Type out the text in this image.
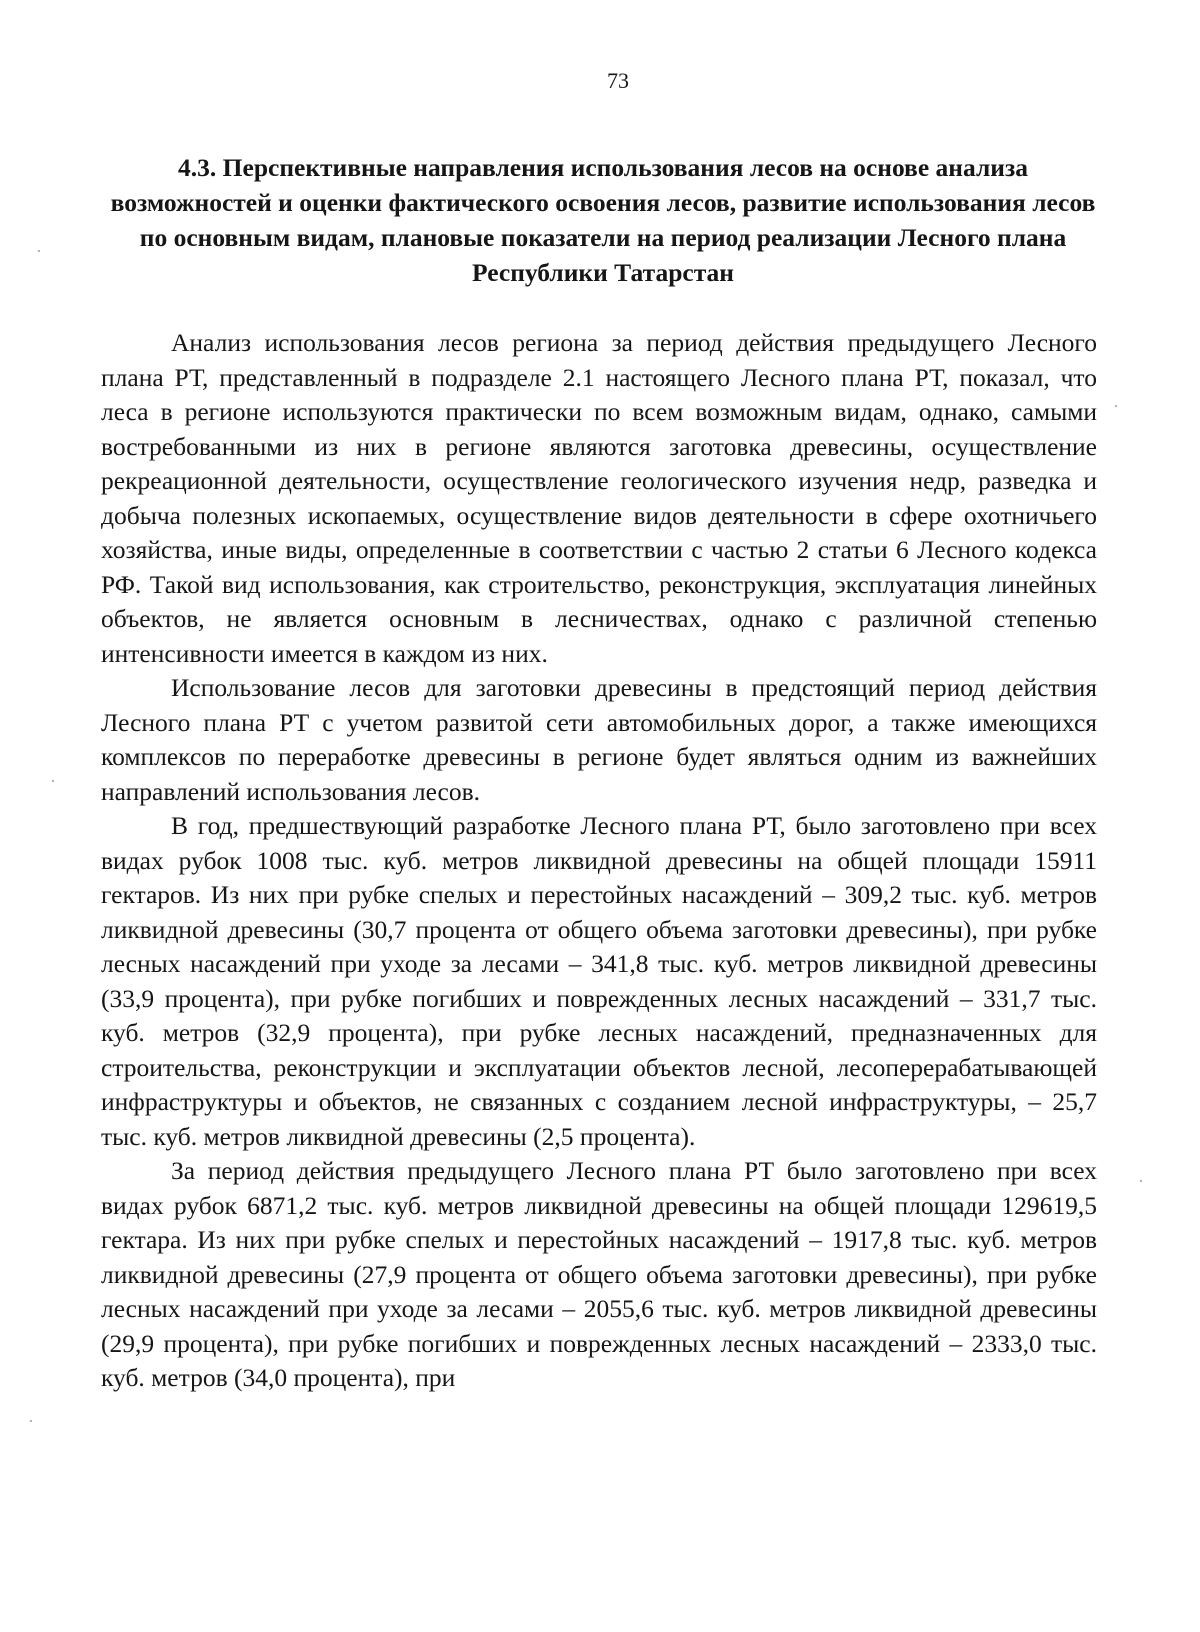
73
4.3. Перспективные направления использования лесов на основе анализа возможностей и оценки фактического освоения лесов, развитие использования лесов по основным видам, плановые показатели на период реализации Лесного плана Республики Татарстан

Анализ использования лесов региона за период действия предыдущего Лесного плана РТ, представленный в подразделе 2.1 настоящего Лесного плана РТ, показал, что леса в регионе используются практически по всем возможным видам, однако, самыми востребованными из них в регионе являются заготовка древесины, осуществление рекреационной деятельности, осуществление геологического изучения недр, разведка и добыча полезных ископаемых, осуществление видов деятельности в сфере охотничьего хозяйства, иные виды, определенные в соответствии с частью 2 статьи 6 Лесного кодекса РФ. Такой вид использования, как строительство, реконструкция, эксплуатация линейных объектов, не является основным в лесничествах, однако с различной степенью интенсивности имеется в каждом из них.

Использование лесов для заготовки древесины в предстоящий период действия Лесного плана РТ с учетом развитой сети автомобильных дорог, а также имеющихся комплексов по переработке древесины в регионе будет являться одним из важнейших направлений использования лесов.

В год, предшествующий разработке Лесного плана РТ, было заготовлено при всех видах рубок 1008 тыс. куб. метров ликвидной древесины на общей площади 15911 гектаров. Из них при рубке спелых и перестойных насаждений – 309,2 тыс. куб. метров ликвидной древесины (30,7 процента от общего объема заготовки древесины), при рубке лесных насаждений при уходе за лесами – 341,8 тыс. куб. метров ликвидной древесины (33,9 процента), при рубке погибших и поврежденных лесных насаждений – 331,7 тыс. куб. метров (32,9 процента), при рубке лесных насаждений, предназначенных для строительства, реконструкции и эксплуатации объектов лесной, лесоперерабатывающей инфраструктуры и объектов, не связанных с созданием лесной инфраструктуры, – 25,7 тыс. куб. метров ликвидной древесины (2,5 процента).

За период действия предыдущего Лесного плана РТ было заготовлено при всех видах рубок 6871,2 тыс. куб. метров ликвидной древесины на общей площади 129619,5 гектара. Из них при рубке спелых и перестойных насаждений – 1917,8 тыс. куб. метров ликвидной древесины (27,9 процента от общего объема заготовки древесины), при рубке лесных насаждений при уходе за лесами – 2055,6 тыс. куб. метров ликвидной древесины (29,9 процента), при рубке погибших и поврежденных лесных насаждений – 2333,0 тыс. куб. метров (34,0 процента), при
